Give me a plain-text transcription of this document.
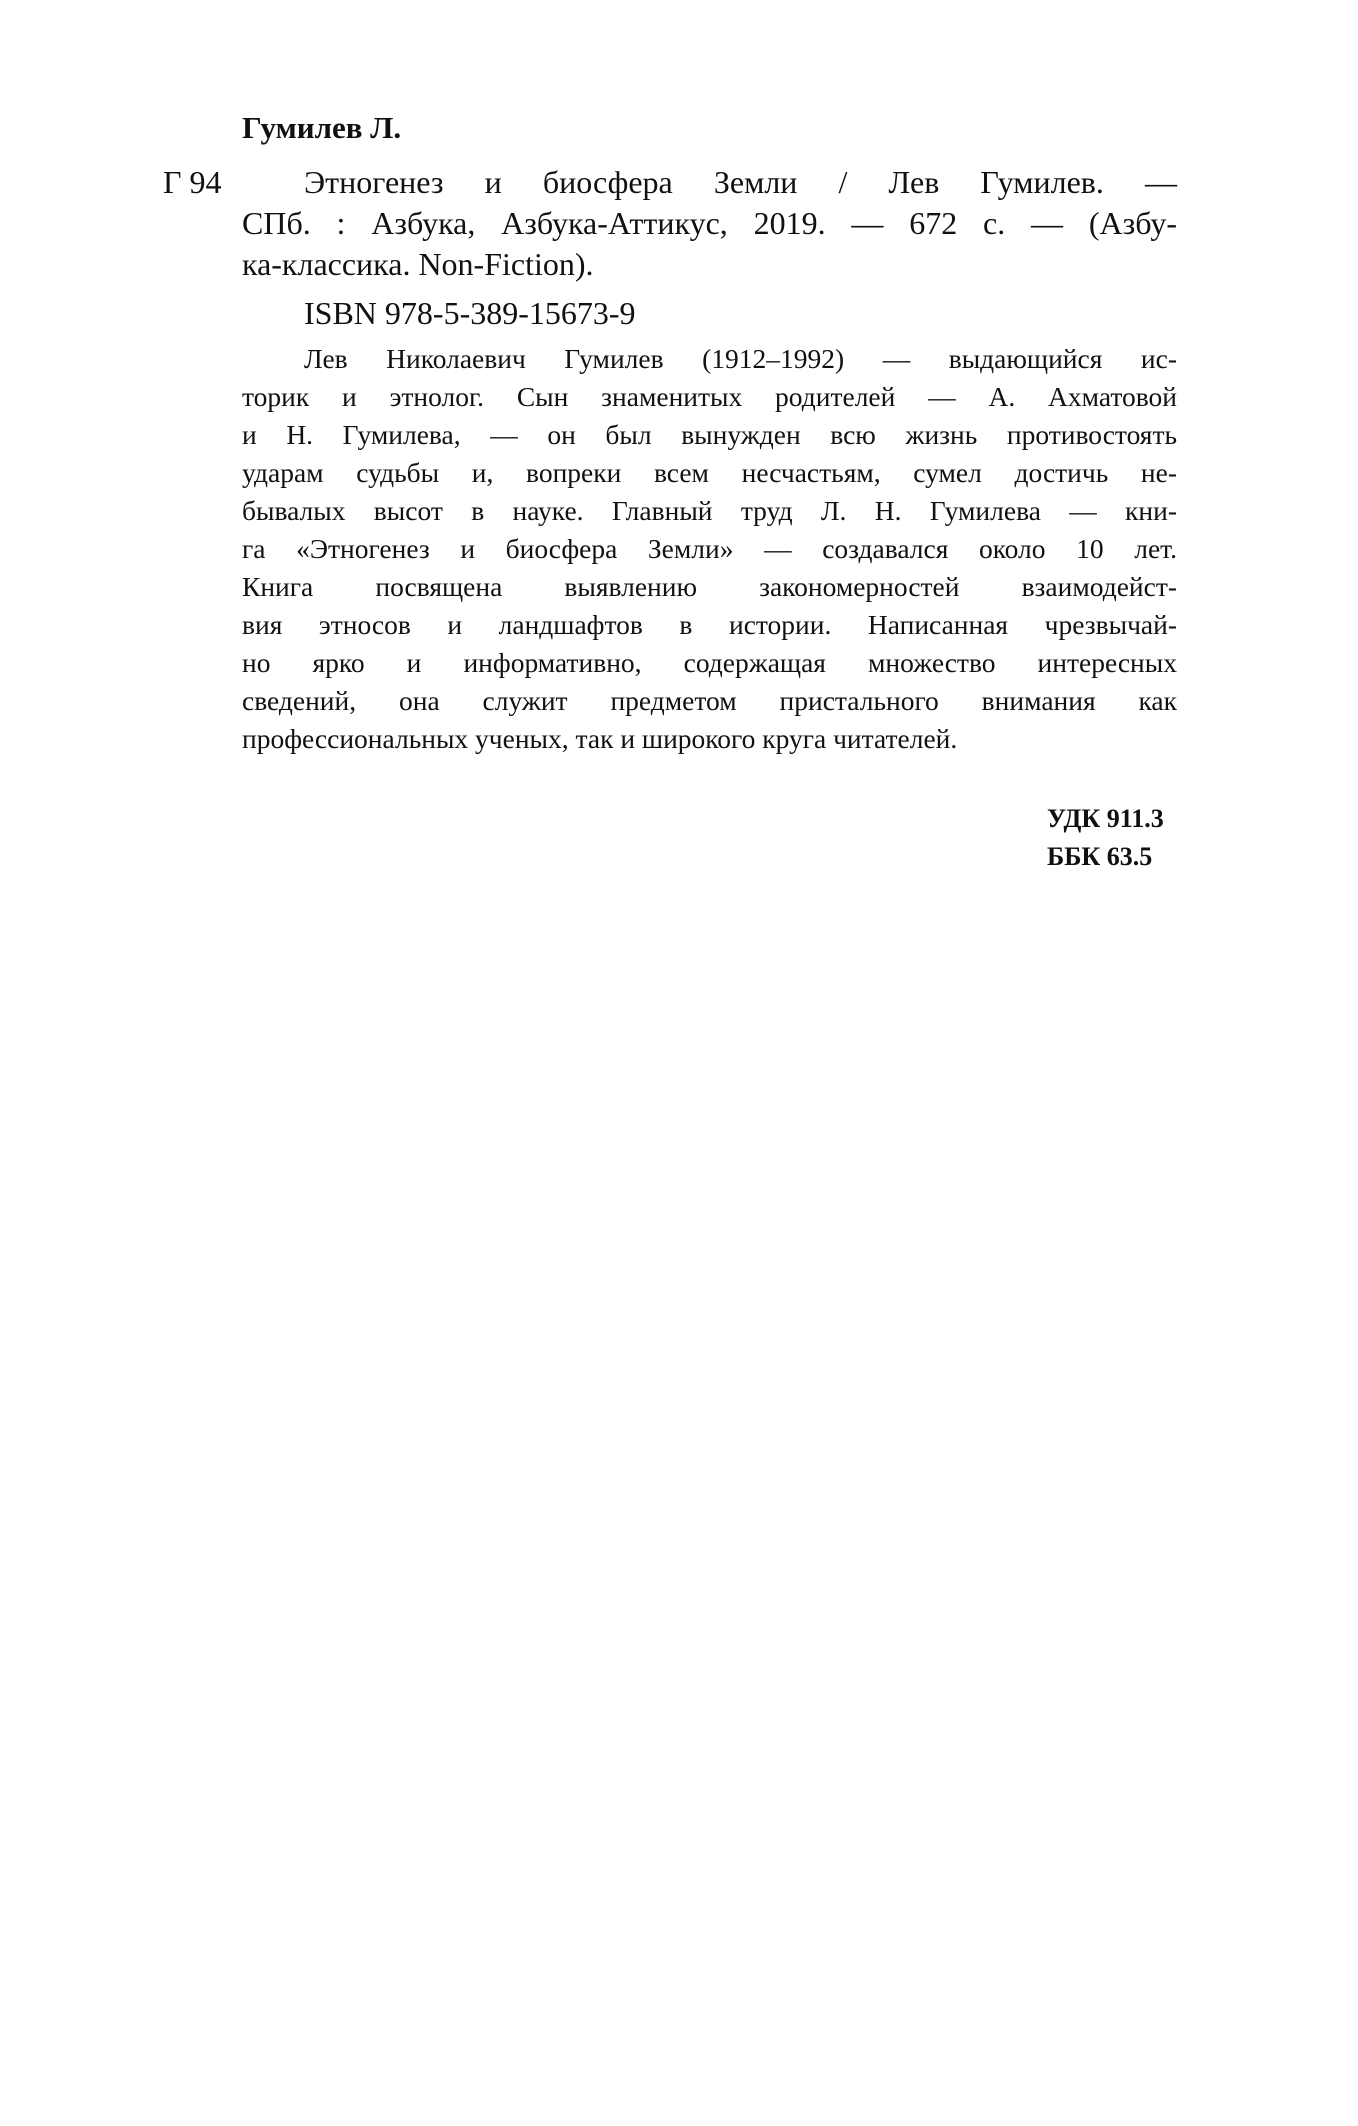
Гумилев Л.
Г 94	Этногенез и биосфера Земли / Лев Гумилев. —
СПб. : Азбука, Азбука-Аттикус, 2019. — 672 с. — (Азбу-
ка-классика. Non-Fiction).
ISBN 978-5-389-15673-9
Лев Николаевич Гумилев (1912–1992) — выдающийся ис-
торик и этнолог. Сын знаменитых родителей — А. Ахматовой
и Н. Гумилева, — он был вынужден всю жизнь противостоять
ударам судьбы и, вопреки всем несчастьям, сумел достичь не-
бывалых высот в науке. Главный труд Л. Н. Гумилева — кни-
га «Этногенез и биосфера Земли» — создавался около 10 лет.
Книга посвящена выявлению закономерностей взаимодейст-
вия этносов и ландшафтов в истории. Написанная чрезвычай-
но ярко и информативно, содержащая множество интересных
сведений, она служит предметом пристального внимания как
профессиональных ученых, так и широкого круга читателей.
УДК 911.3
ББК 63.5
